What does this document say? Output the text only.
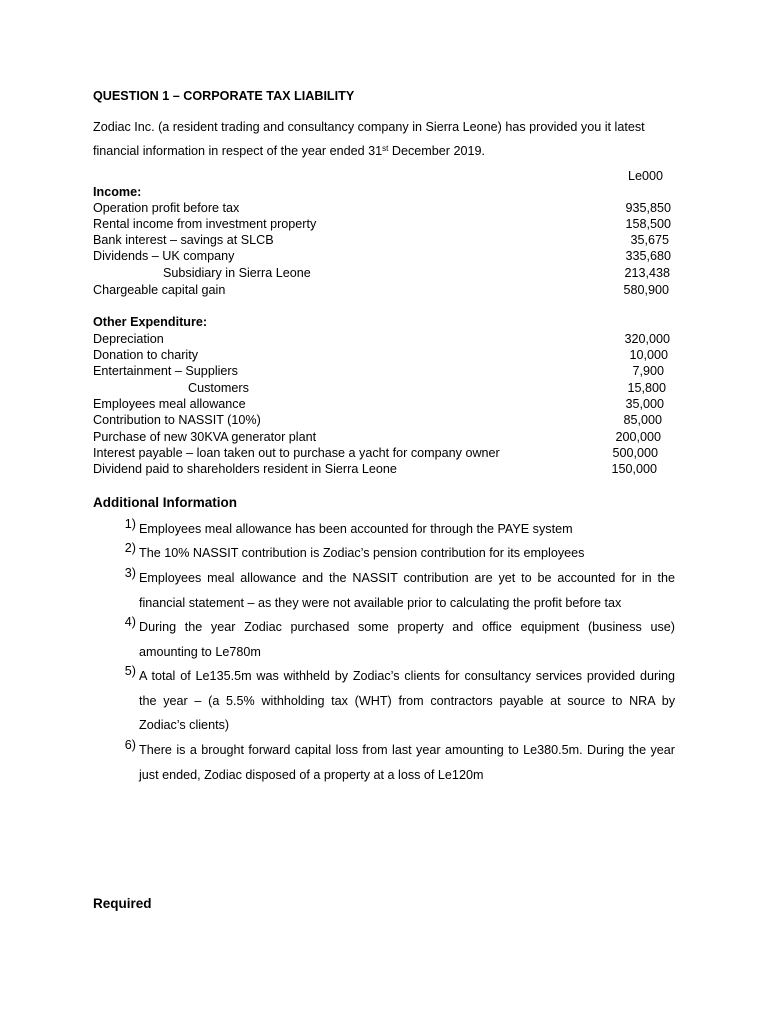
QUESTION 1 – CORPORATE TAX LIABILITY
Zodiac Inc. (a resident trading and consultancy company in Sierra Leone) has provided you it latest financial information in respect of the year ended 31st December 2019.
Le000
Income:
Operation profit before tax	935,850
Rental income from investment property	158,500
Bank interest – savings at SLCB	35,675
Dividends – UK company	335,680
Subsidiary in Sierra Leone	213,438
Chargeable capital gain	580,900
Other Expenditure:
Depreciation	320,000
Donation to charity	10,000
Entertainment – Suppliers	7,900
Customers	15,800
Employees meal allowance	35,000
Contribution to NASSIT (10%)	85,000
Purchase of new 30KVA generator plant	200,000
Interest payable – loan taken out to purchase a yacht for company owner	500,000
Dividend paid to shareholders resident in Sierra Leone	150,000
Additional Information
1) Employees meal allowance has been accounted for through the PAYE system
2) The 10% NASSIT contribution is Zodiac’s pension contribution for its employees
3) Employees meal allowance and the NASSIT contribution are yet to be accounted for in the financial statement – as they were not available prior to calculating the profit before tax
4) During the year Zodiac purchased some property and office equipment (business use) amounting to Le780m
5) A total of Le135.5m was withheld by Zodiac’s clients for consultancy services provided during the year – (a 5.5% withholding tax (WHT) from contractors payable at source to NRA by Zodiac’s clients)
6) There is a brought forward capital loss from last year amounting to Le380.5m. During the year just ended, Zodiac disposed of a property at a loss of Le120m
Required
